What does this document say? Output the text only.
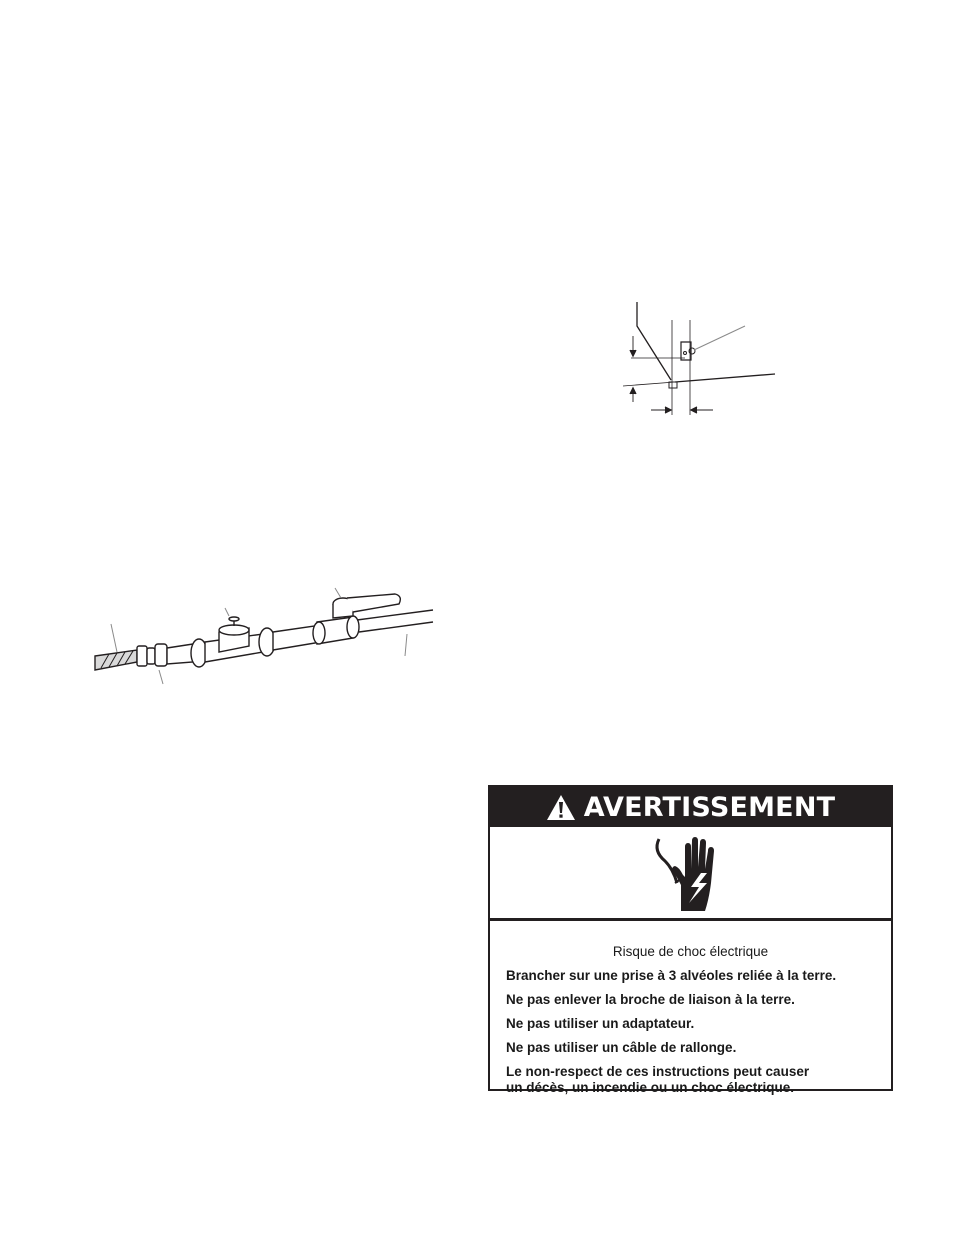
AVERTISSEMENT

Risque de choc électrique

Brancher sur une prise à 3 alvéoles reliée à la terre.

Ne pas enlever la broche de liaison à la terre.

Ne pas utiliser un adaptateur.

Ne pas utiliser un câble de rallonge.

Le non-respect de ces instructions peut causer

un décès, un incendie ou un choc électrique.
